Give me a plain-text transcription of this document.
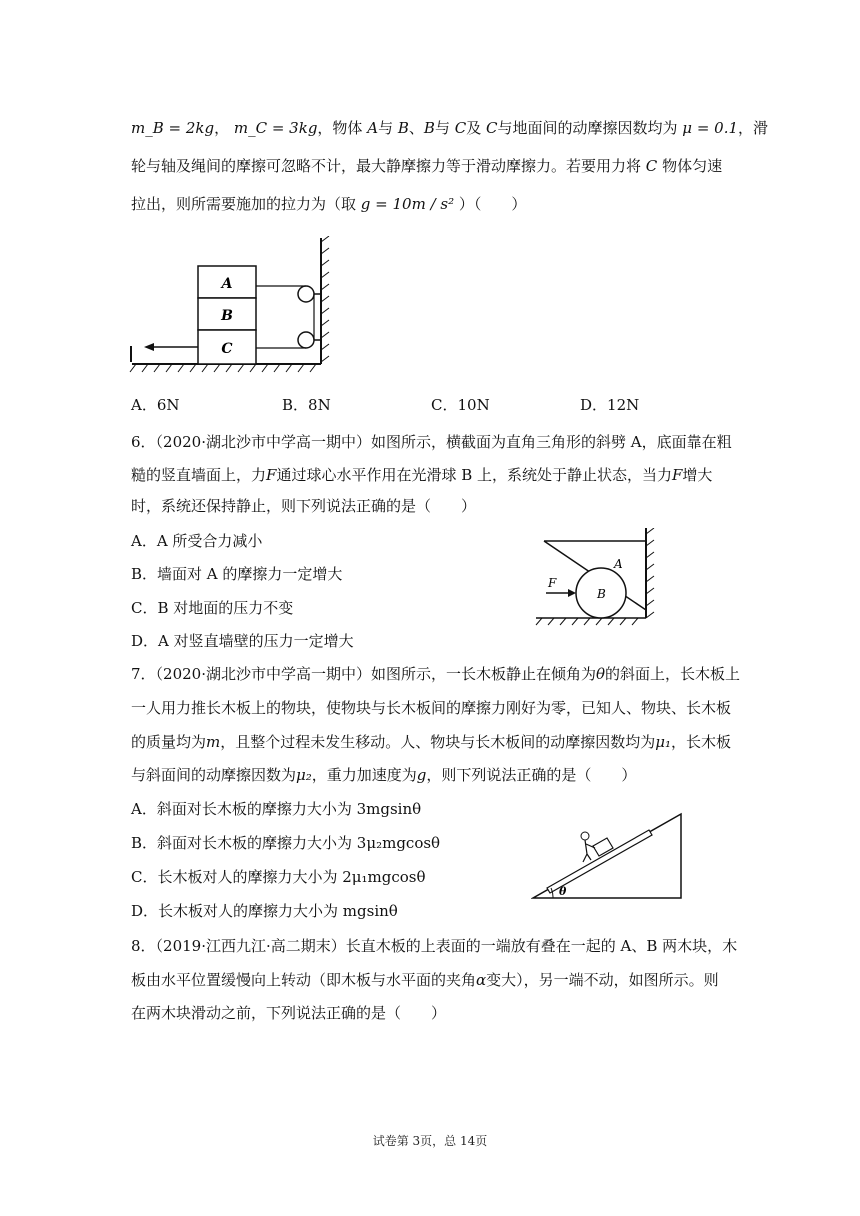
m_B = 2kg， m_C = 3kg，物体 A与 B、B与 C及 C与地面间的动摩擦因数均为 μ = 0.1，滑
轮与轴及绳间的摩擦可忽略不计，最大静摩擦力等于滑动摩擦力。若要用力将 C 物体匀速
拉出，则所需要施加的拉力为（取 g = 10m / s² ）（　　）
A
B
C
A．6N	B．8N	C．10N	D．12N
6．（2020·湖北沙市中学高一期中）如图所示，横截面为直角三角形的斜劈 A，底面靠在粗
糙的竖直墙面上，力F通过球心水平作用在光滑球 B 上，系统处于静止状态，当力F增大
时，系统还保持静止，则下列说法正确的是（　　）
A．A 所受合力减小
B．墙面对 A 的摩擦力一定增大
C．B 对地面的压力不变
D．A 对竖直墙壁的压力一定增大
A
B
F
7．（2020·湖北沙市中学高一期中）如图所示，一长木板静止在倾角为θ的斜面上，长木板上
一人用力推长木板上的物块，使物块与长木板间的摩擦力刚好为零，已知人、物块、长木板
的质量均为m，且整个过程未发生移动。人、物块与长木板间的动摩擦因数均为μ₁，长木板
与斜面间的动摩擦因数为μ₂，重力加速度为g，则下列说法正确的是（　　）
A．斜面对长木板的摩擦力大小为 3mgsinθ
B．斜面对长木板的摩擦力大小为 3μ₂mgcosθ
C．长木板对人的摩擦力大小为 2μ₁mgcosθ
D．长木板对人的摩擦力大小为 mgsinθ
θ
8．（2019·江西九江·高二期末）长直木板的上表面的一端放有叠在一起的 A、B 两木块，木
板由水平位置缓慢向上转动（即木板与水平面的夹角α变大），另一端不动，如图所示。则
在两木块滑动之前，下列说法正确的是（　　）
试卷第 3页，总 14页
